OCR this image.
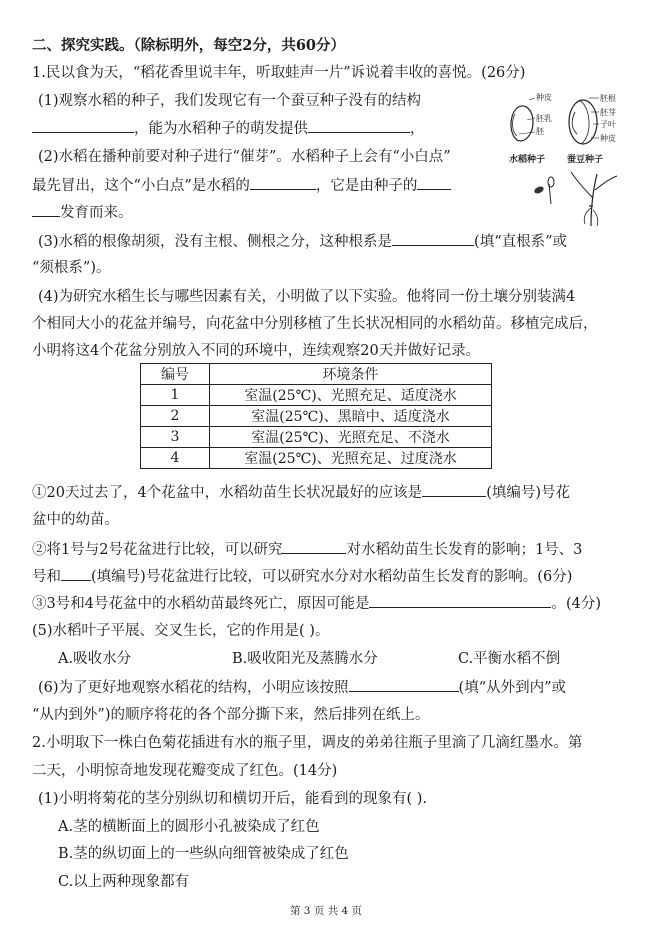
二、探究实践。（除标明外，每空2分，共60分）
1.民以食为天，“稻花香里说丰年，听取蛙声一片”诉说着丰收的喜悦。(26分)
(1)观察水稻的种子，我们发现它有一个蚕豆种子没有的结构
，能为水稻种子的萌发提供	，
(2)水稻在播种前要对种子进行“催芽”。水稻种子上会有“小白点”
最先冒出，这个“小白点”是水稻的	，它是由种子的
发育而来。
(3)水稻的根像胡须，没有主根、侧根之分，这种根系是	(填“直根系”或
“须根系”)。
(4)为研究水稻生长与哪些因素有关，小明做了以下实验。他将同一份土壤分别装满4
个相同大小的花盆并编号，向花盆中分别移植了生长状况相同的水稻幼苗。移植完成后，
小明将这4个花盆分别放入不同的环境中，连续观察20天并做好记录。
编号	环境条件
1	室温(25℃)、光照充足、适度浇水
2	室温(25℃)、黑暗中、适度浇水
3	室温(25℃)、光照充足、不浇水
4	室温(25℃)、光照充足、过度浇水
①20天过去了，4个花盆中，水稻幼苗生长状况最好的应该是	(填编号)号花
盆中的幼苗。
②将1号与2号花盆进行比较，可以研究	对水稻幼苗生长发育的影响；1号、3
号和 (填编号)号花盆进行比较，可以研究水分对水稻幼苗生长发育的影响。(6分)
③3号和4号花盆中的水稻幼苗最终死亡，原因可能是	。(4分)
(5)水稻叶子平展、交叉生长，它的作用是( )。
A.吸收水分	B.吸收阳光及蒸腾水分	C.平衡水稻不倒
(6)为了更好地观察水稻花的结构，小明应该按照	(填“从外到内”或
“从内到外”)的顺序将花的各个部分撕下来，然后排列在纸上。
2.小明取下一株白色菊花插进有水的瓶子里，调皮的弟弟往瓶子里滴了几滴红墨水。第
二天，小明惊奇地发现花瓣变成了红色。(14分)
(1)小明将菊花的茎分别纵切和横切开后，能看到的现象有( ).
A.茎的横断面上的圆形小孔被染成了红色
B.茎的纵切面上的一些纵向细管被染成了红色
C.以上两种现象都有
种皮
胚乳
胚
胚根
胚芽
子叶
种皮
水稻种子 蚕豆种子
第 3 页 共 4 页
